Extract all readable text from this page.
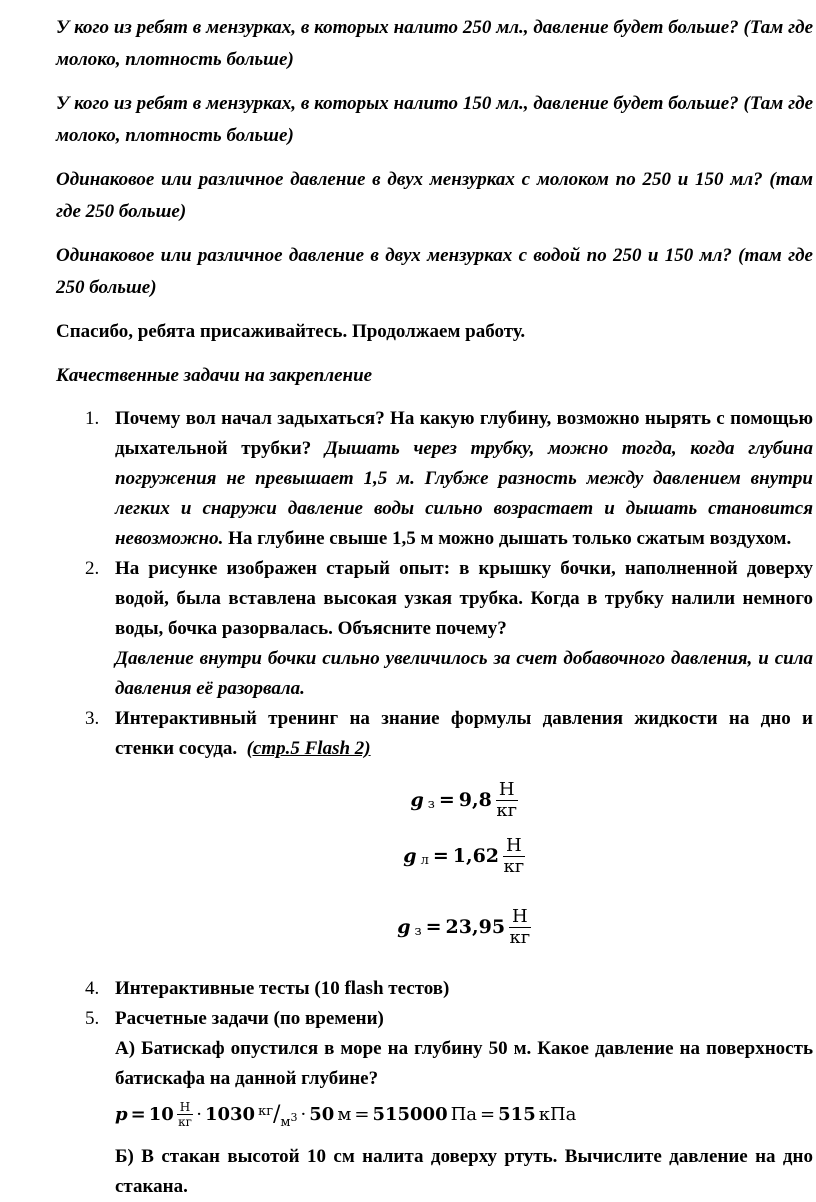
У кого из ребят в мензурках, в которых налито 250 мл., давление будет больше? (Там где молоко, плотность больше)

У кого из ребят в мензурках, в которых налито 150 мл., давление будет больше? (Там где молоко, плотность больше)

Одинаковое или различное давление в двух мензурках с молоком по 250 и 150 мл? (там где 250 больше)

Одинаковое или различное давление в двух мензурках с водой по 250 и 150 мл? (там где 250 больше)

Спасибо, ребята присаживайтесь. Продолжаем работу.

Качественные задачи на закрепление

1. Почему вол начал задыхаться? На какую глубину, возможно нырять с помощью дыхательной трубки? Дышать через трубку, можно тогда, когда глубина погружения не превышает 1,5 м. Глубже разность между давлением внутри легких и снаружи давление воды сильно возрастает и дышать становится невозможно. На глубине свыше 1,5 м можно дышать только сжатым воздухом.
2. На рисунке изображен старый опыт: в крышку бочки, наполненной доверху водой, была вставлена высокая узкая трубка. Когда в трубку налили немного воды, бочка разорвалась. Объясните почему?
Давление внутри бочки сильно увеличилось за счет добавочного давления, и сила давления её разорвала.
3. Интерактивный тренинг на знание формулы давления жидкости на дно и стенки сосуда. (стр.5 Flash 2)
g $з = 9,8 \frac{Н}{кг}$
g $л = 1,62 \frac{Н}{кг}$
g $з = 23,95 \frac{Н}{кг}$
4. Интерактивные тесты (10 flash тестов)
5. Расчетные задачи (по времени)
А) Батискаф опустился в море на глубину 50 м. Какое давление на поверхность батискафа на данной глубине?
$p = 10 \frac{Н}{кг} \cdot 1030$ $^{кг}/_м3 \cdot 50$ м = 515000 Па = 515 кПа
Б) В стакан высотой 10 см налита доверху ртуть. Вычислите давление на дно стакана.
